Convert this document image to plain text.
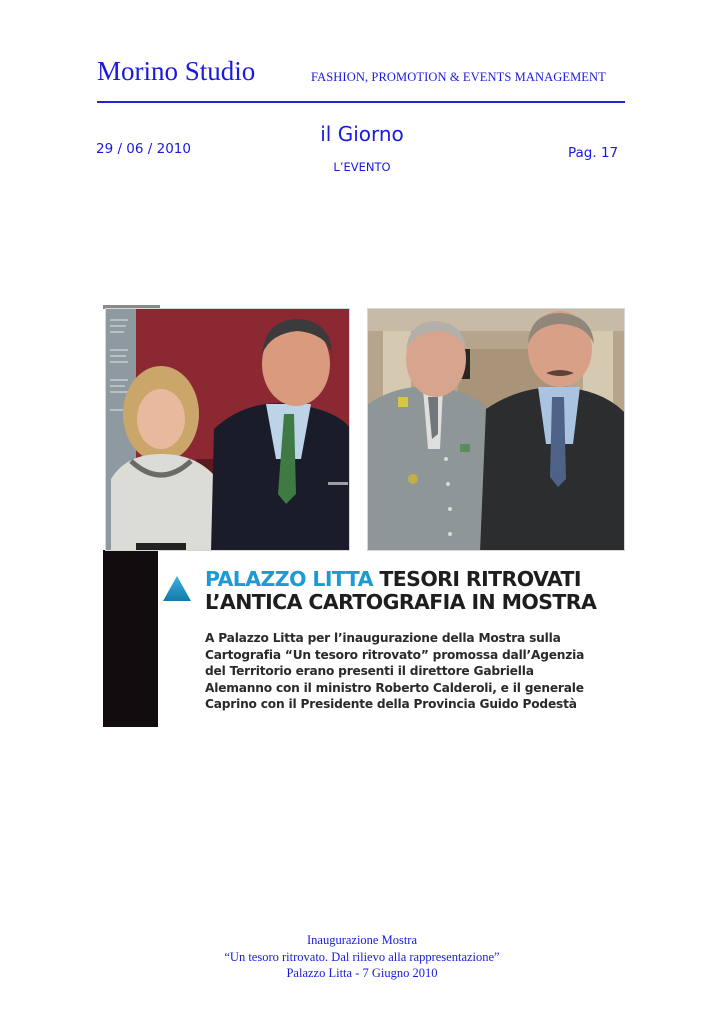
Morino Studio	FASHION, PROMOTION & EVENTS MANAGEMENT
29 / 06 / 2010
il Giorno
L’EVENTO
Pag. 17
PALAZZO LITTA TESORI RITROVATI
L’ANTICA CARTOGRAFIA IN MOSTRA
A Palazzo Litta per l’inaugurazione della Mostra sulla
Cartografia “Un tesoro ritrovato” promossa dall’Agenzia
del Territorio erano presenti il direttore Gabriella
Alemanno con il ministro Roberto Calderoli, e il generale
Caprino con il Presidente della Provincia Guido Podestà
Inaugurazione Mostra
“Un tesoro ritrovato. Dal rilievo alla rappresentazione”
Palazzo Litta - 7 Giugno 2010
